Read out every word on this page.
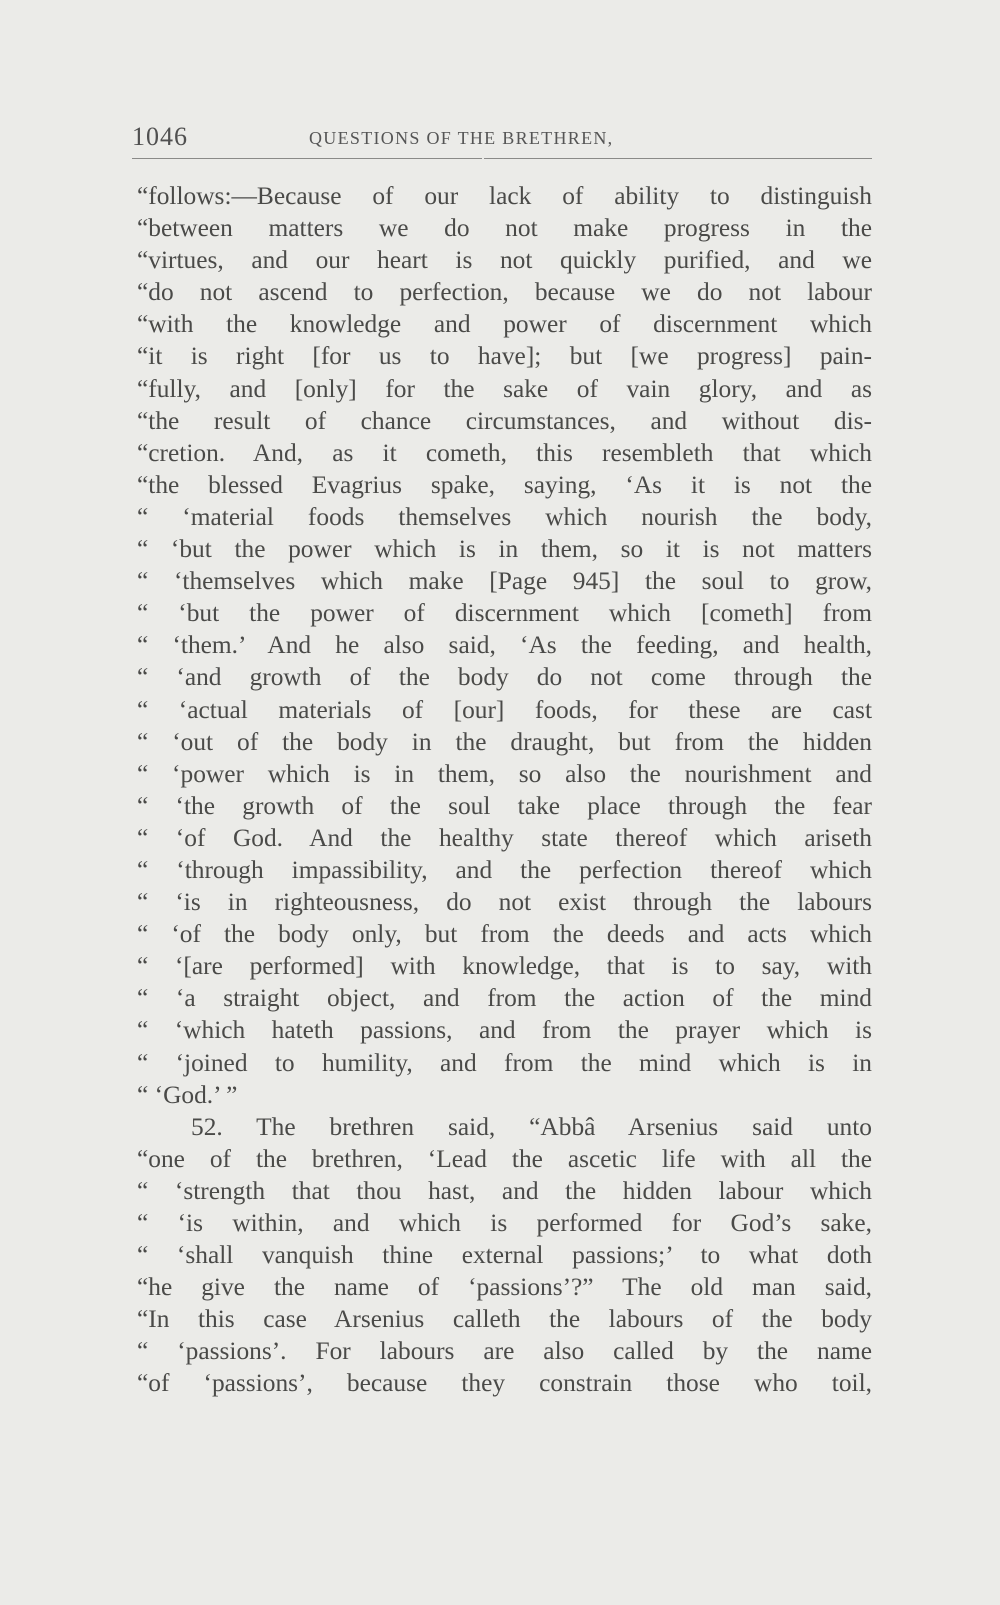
1046	QUESTIONS OF THE BRETHREN,
“follows:—Because of our lack of ability to distinguish
“between matters we do not make progress in the
“virtues, and our heart is not quickly purified, and we
“do not ascend to perfection, because we do not labour
“with the knowledge and power of discernment which
“it is right [for us to have]; but [we progress] pain-
“fully, and [only] for the sake of vain glory, and as
“the result of chance circumstances, and without dis-
“cretion. And, as it cometh, this resembleth that which
“the blessed Evagrius spake, saying, ‘As it is not the
“ ‘material foods themselves which nourish the body,
“ ‘but the power which is in them, so it is not matters
“ ‘themselves which make [Page 945] the soul to grow,
“ ‘but the power of discernment which [cometh] from
“ ‘them.’ And he also said, ‘As the feeding, and health,
“ ‘and growth of the body do not come through the
“ ‘actual materials of [our] foods, for these are cast
“ ‘out of the body in the draught, but from the hidden
“ ‘power which is in them, so also the nourishment and
“ ‘the growth of the soul take place through the fear
“ ‘of God. And the healthy state thereof which ariseth
“ ‘through impassibility, and the perfection thereof which
“ ‘is in righteousness, do not exist through the labours
“ ‘of the body only, but from the deeds and acts which
“ ‘[are performed] with knowledge, that is to say, with
“ ‘a straight object, and from the action of the mind
“ ‘which hateth passions, and from the prayer which is
“ ‘joined to humility, and from the mind which is in
“ ‘God.’ ”
52. The brethren said, “Abbâ Arsenius said unto
“one of the brethren, ‘Lead the ascetic life with all the
“ ‘strength that thou hast, and the hidden labour which
“ ‘is within, and which is performed for God’s sake,
“ ‘shall vanquish thine external passions;’ to what doth
“he give the name of ‘passions’?” The old man said,
“In this case Arsenius calleth the labours of the body
“ ‘passions’. For labours are also called by the name
“of ‘passions’, because they constrain those who toil,
